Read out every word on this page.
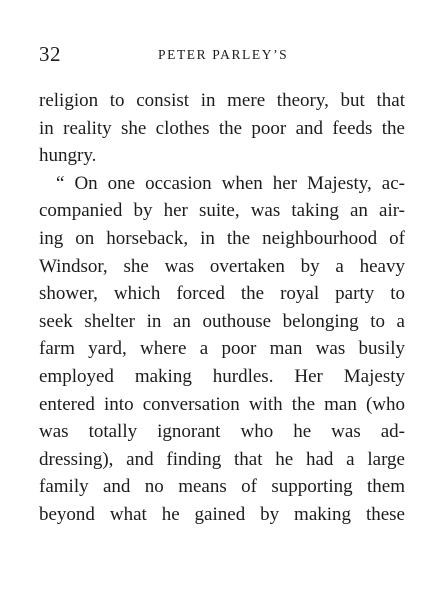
32	PETER PARLEY’S
religion to consist in mere theory, but that
in reality she clothes the poor and feeds the
hungry.
“ On one occasion when her Majesty, ac-
companied by her suite, was taking an air-
ing on horseback, in the neighbourhood of
Windsor, she was overtaken by a heavy
shower, which forced the royal party to
seek shelter in an outhouse belonging to a
farm yard, where a poor man was busily
employed making hurdles. Her Majesty
entered into conversation with the man (who
was totally ignorant who he was ad-
dressing), and finding that he had a large
family and no means of supporting them
beyond what he gained by making these
